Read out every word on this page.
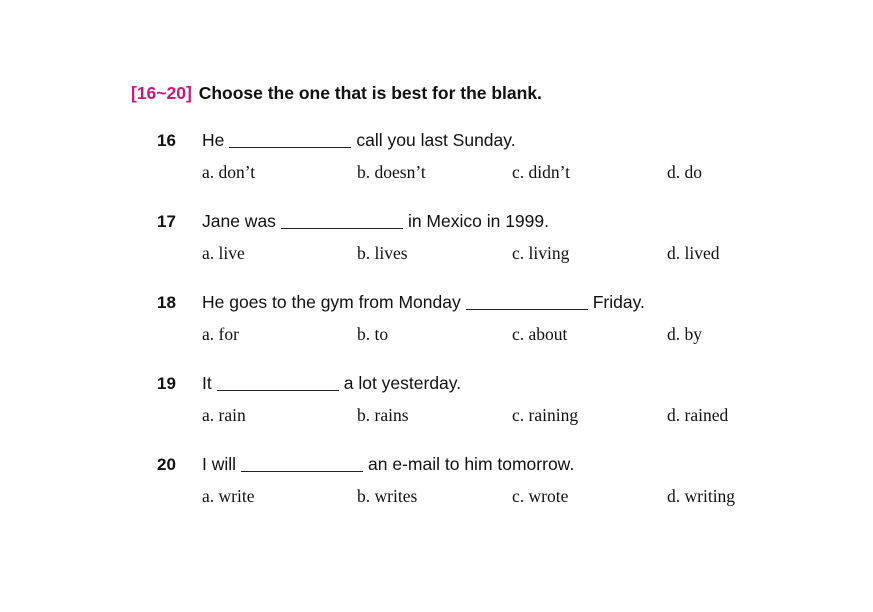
[16~20] Choose the one that is best for the blank.
16 He	call you last Sunday.
a. don’t	b. doesn’t	c. didn’t	d. do
17 Jane was	in Mexico in 1999.
a. live	b. lives	c. living	d. lived
18 He goes to the gym from Monday	Friday.
a. for	b. to	c. about	d. by
19 It	a lot yesterday.
a. rain	b. rains	c. raining	d. rained
20 I will	an e-mail to him tomorrow.
a. write	b. writes	c. wrote	d. writing
